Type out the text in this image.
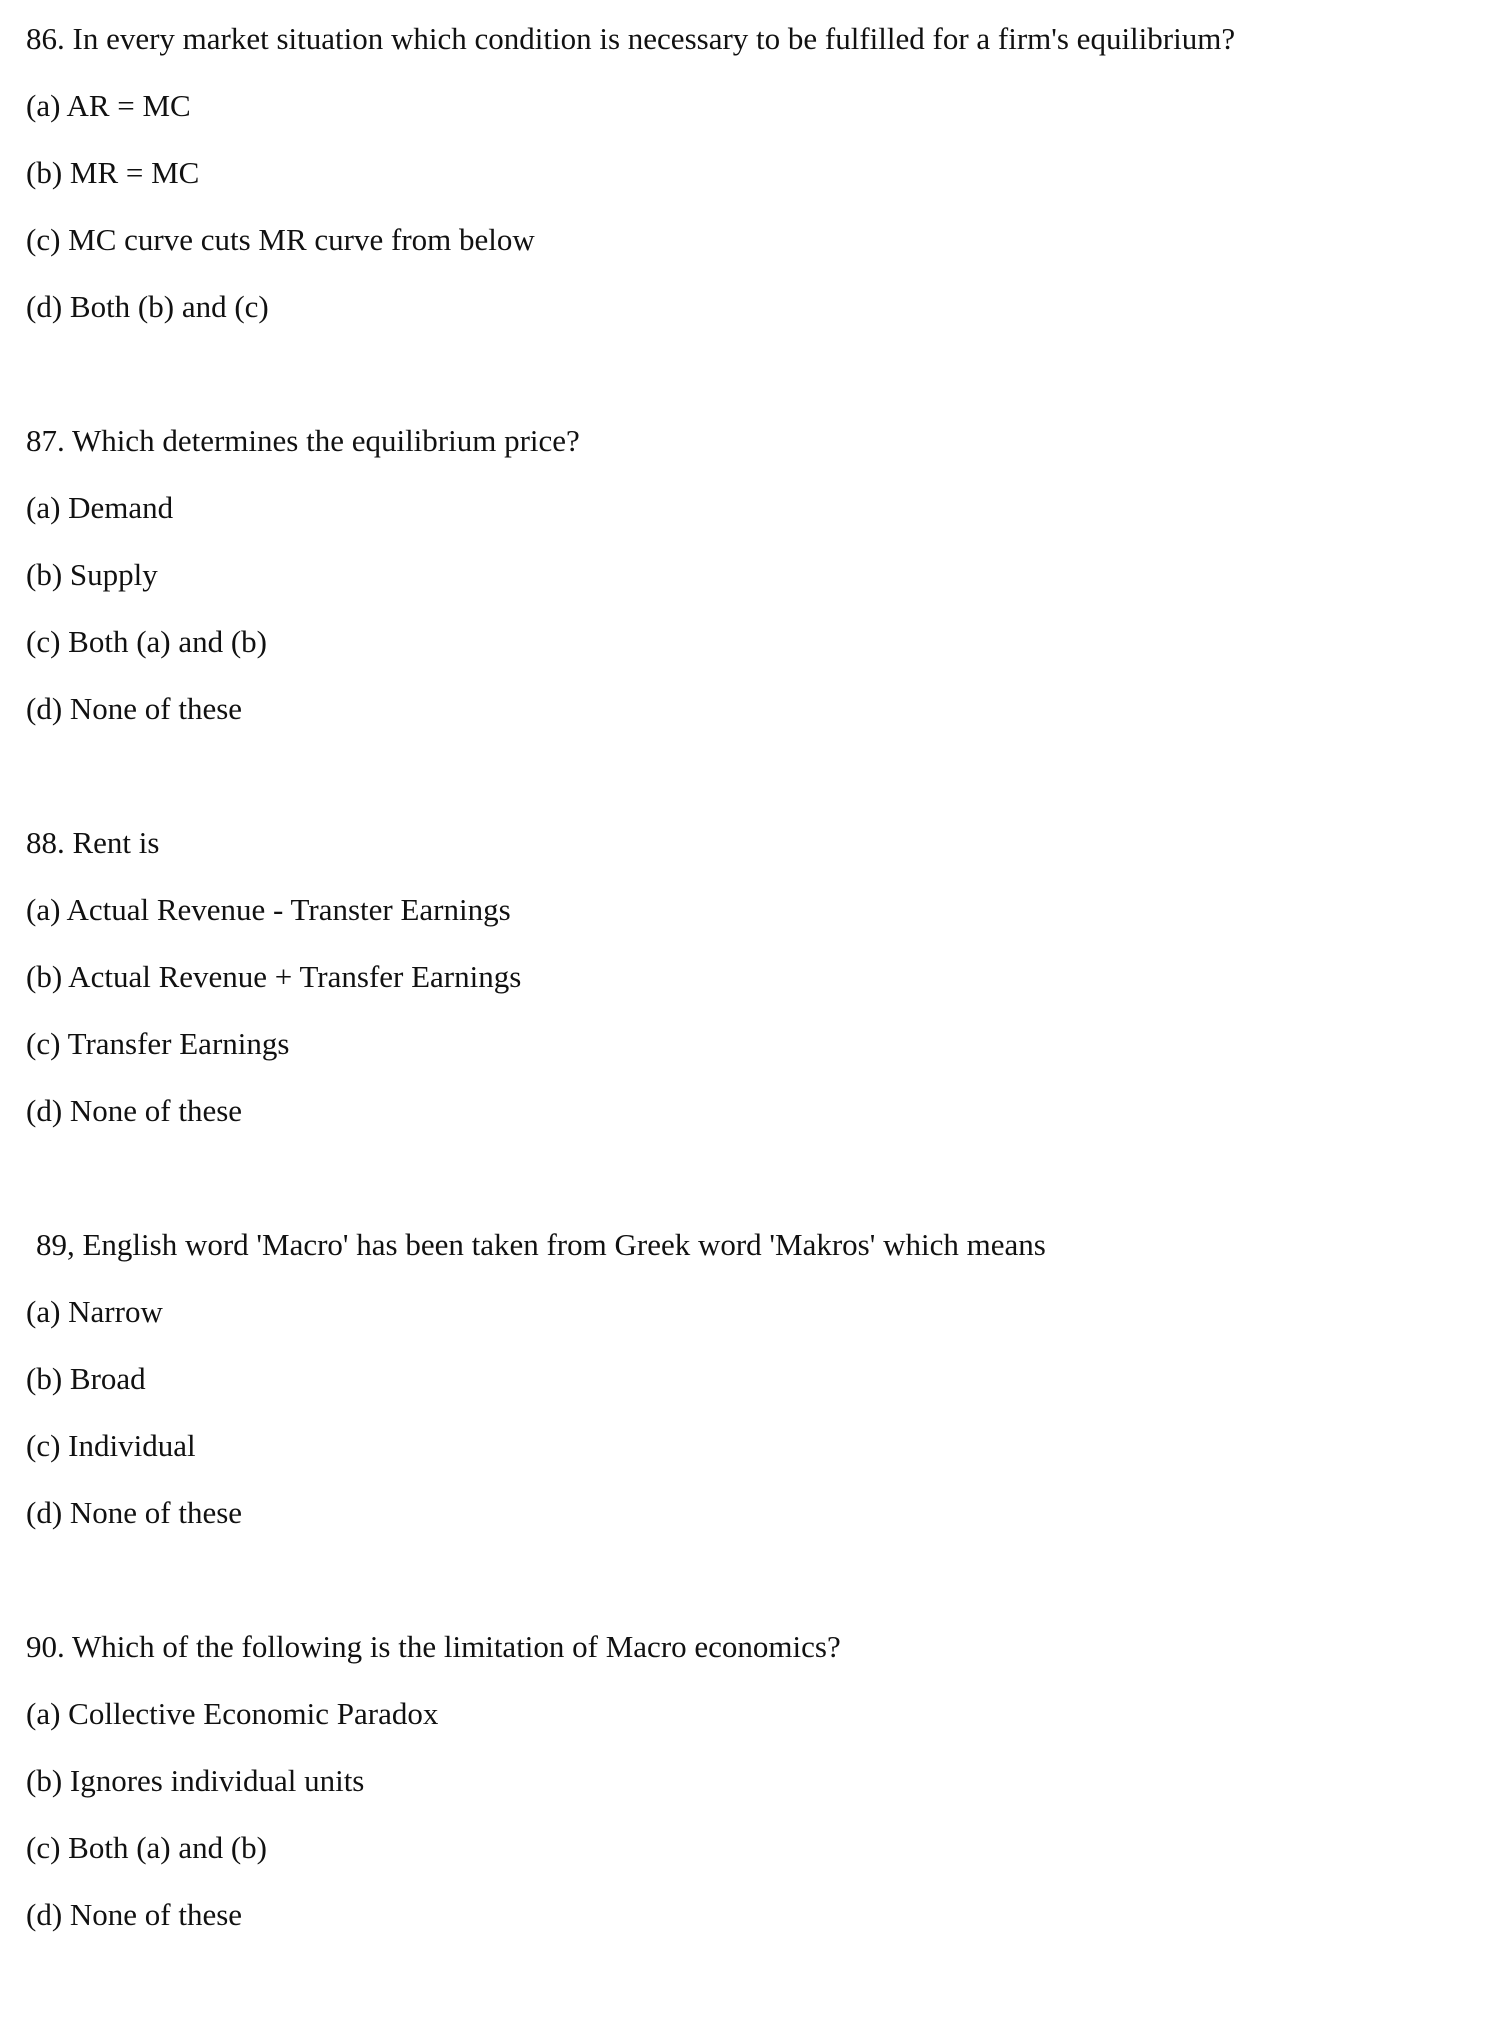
86. In every market situation which condition is necessary to be fulfilled for a firm's equilibrium?
(a) AR = MC
(b) MR = MC
(c) MC curve cuts MR curve from below
(d) Both (b) and (c)
87. Which determines the equilibrium price?
(a) Demand
(b) Supply
(c) Both (a) and (b)
(d) None of these
88. Rent is
(a) Actual Revenue - Transter Earnings
(b) Actual Revenue + Transfer Earnings
(c) Transfer Earnings
(d) None of these
89, English word 'Macro' has been taken from Greek word 'Makros' which means
(a) Narrow
(b) Broad
(c) Individual
(d) None of these
90. Which of the following is the limitation of Macro economics?
(a) Collective Economic Paradox
(b) Ignores individual units
(c) Both (a) and (b)
(d) None of these
